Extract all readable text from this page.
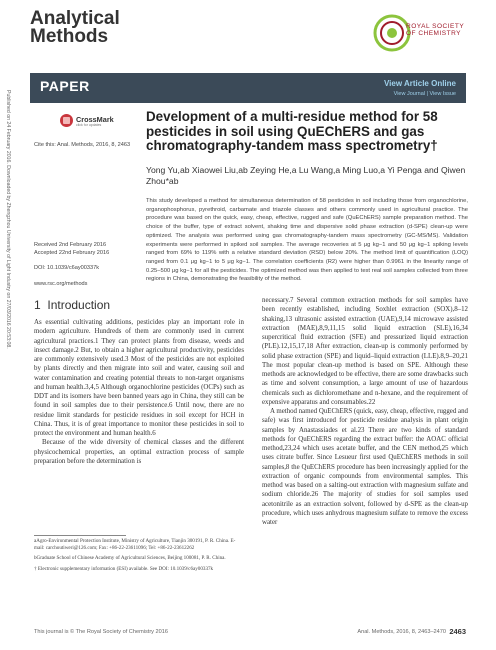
Published on 24 February 2016. Downloaded by Zhengzhou University of Light Industry on 27/03/2016 20:53:08.
Analytical
Methods	ROYAL SOCIETY
OF CHEMISTRY
PAPER	View Article Online
View Journal | View Issue
CrossMark
click for updates
Cite this: Anal. Methods, 2016, 8, 2463
Development of a multi-residue method for 58 pesticides in soil using QuEChERS and gas chromatography-tandem mass spectrometry†
Yong Yu,ab Xiaowei Liu,ab Zeying He,a Lu Wang,a Ming Luo,a Yi Penga and Qiwen Zhou*ab
This study developed a method for simultaneous determination of 58 pesticides in soil including those from organochlorine, organophosphorus, pyrethroid, carbamate and triazole classes and others commonly used in agricultural practice. The procedure was based on the quick, easy, cheap, effective, rugged and safe (QuEChERS) sample preparation method. The choice of the buffer, type of extract solvent, shaking time and dispersive solid phase extraction (d-SPE) clean-up were optimized. The analysis was performed using gas chromatography-tandem mass spectrometry (GC-MS/MS). Validation experiments were performed in spiked soil samples. The average recoveries at 5 μg kg−1 and 50 μg kg−1 spiking levels ranged from 69% to 119% with a relative standard deviation (RSD) below 20%. The method limit of quantification (LOQ) ranged from 0.1 μg kg−1 to 5 μg kg−1. The correlation coefficients (R2) were higher than 0.9961 in the linearity range of 0.25–500 μg kg−1 for all the pesticides. The optimized method was then applied to test real soil samples collected from three regions in China, demonstrating the feasibility of the method.
Received 2nd February 2016
Accepted 22nd February 2016
DOI: 10.1039/c6ay00337k
www.rsc.org/methods
1 Introduction

As essential cultivating additions, pesticides play an important role in modern agriculture. Hundreds of them are commonly used in current agricultural practices.1 They can protect plants from disease, weeds and insect damage.2 But, to obtain a higher agricultural productivity, pesticides are commonly extensively used.3 Most of the pesticides are not exploited by plants directly and then migrate into soil and water, causing soil and water contamination and creating potential threats to non-target organisms and human health.3,4,5 Although organochlorine pesticides (OCPs) such as DDT and its isomers have been banned years ago in China, they still can be found in soil samples due to their persistence.6 Until now, there are no residue limit standards for pesticide residues in soil except for HCH in China. Thus, it is of great importance to monitor these pesticides in soil to protect the environment and human health.6

Because of the wide diversity of chemical classes and the different physicochemical properties, an optimal extraction process of sample preparation before the determination is

necessary.7 Several common extraction methods for soil samples have been recently established, including Soxhlet extraction (SOX),8–12 shaking,13 ultrasonic assisted extraction (UAE),9,14 microwave assisted extraction (MAE),8,9,11,15 solid liquid extraction (SLE),16,34 supercritical fluid extraction (SFE) and pressurized liquid extraction (PLE).12,15,17,18 After extraction, clean-up is commonly performed by solid phase extraction (SPE) and liquid–liquid extraction (LLE).8,9–20,21 The most popular clean-up method is based on SPE. Although these methods are acknowledged to be effective, there are some drawbacks such as time and solvent consumption, a large amount of use of hazardous chemicals such as dichloromethane and n-hexane, and the requirement of expensive apparatus and consumables.22

A method named QuEChERS (quick, easy, cheap, effective, rugged and safe) was first introduced for pesticide residue analysis in plant origin samples by Anastassiades et al.23 There are two kinds of standard methods for QuEChERS regarding the extract buffer: the AOAC official method,23,24 which uses acetate buffer, and the CEN method,25 which uses citrate buffer. Since Lesueur first used QuEChERS methods in soil samples,8 the QuEChERS procedure has been increasingly applied for the extraction of organic compounds from environmental samples. This method was based on a salting-out extraction with magnesium sulfate and sodium chloride.26 The majority of studies for soil samples used acetonitrile as an extraction solvent, followed by d-SPE as the clean-up procedure, which uses anhydrous magnesium sulfate to remove the excess water

aAgro-Environmental Protection Institute, Ministry of Agriculture, Tianjin 300191, P. R. China. E-mail: carchoutiweri@126.com; Fax: +86-22-23611096; Tel: +86-22-23612262

bGraduate School of Chinese Academy of Agricultural Sciences, Beijing 100081, P. R. China.

† Electronic supplementary information (ESI) available. See DOI: 10.1039/c6ay00337k

This journal is © The Royal Society of Chemistry 2016	Anal. Methods, 2016, 8, 2463–2470 2463
